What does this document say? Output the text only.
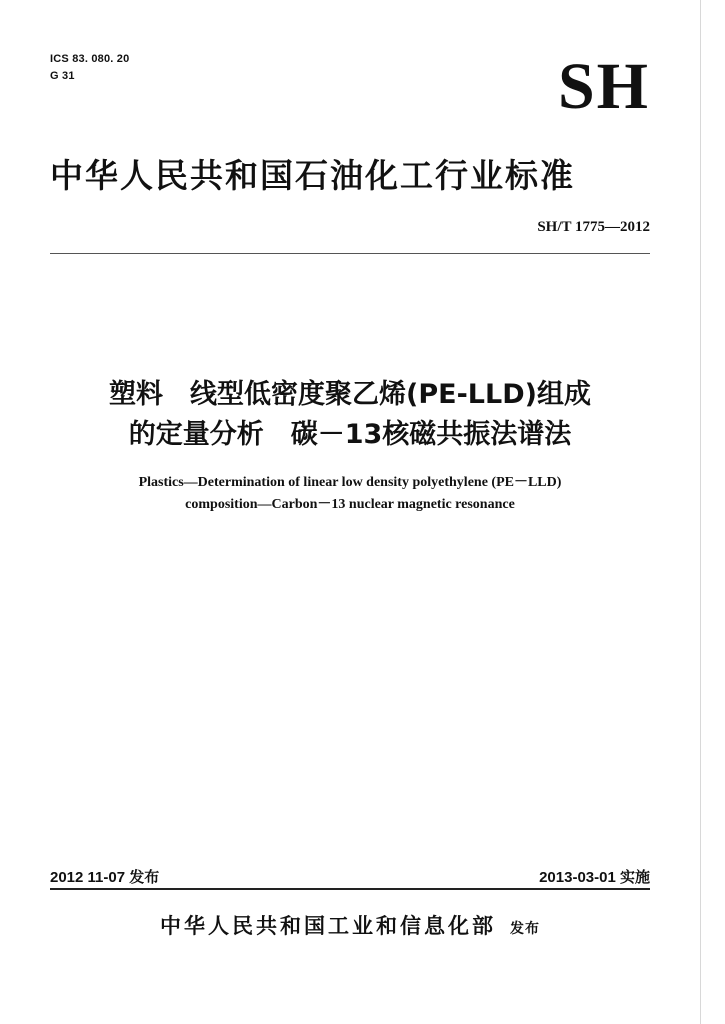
ICS 83. 080. 20
G 31	SH
中华人民共和国石油化工行业标准
SH/T 1775—2012
塑料　线型低密度聚乙烯(PE-LLD)组成
的定量分析　碳－13核磁共振法谱法
Plastics—Determination of linear low density polyethylene (PE－LLD)
composition—Carbon－13 nuclear magnetic resonance
2012 11-07 发布	2013-03-01 实施
中华人民共和国工业和信息化部 发布
